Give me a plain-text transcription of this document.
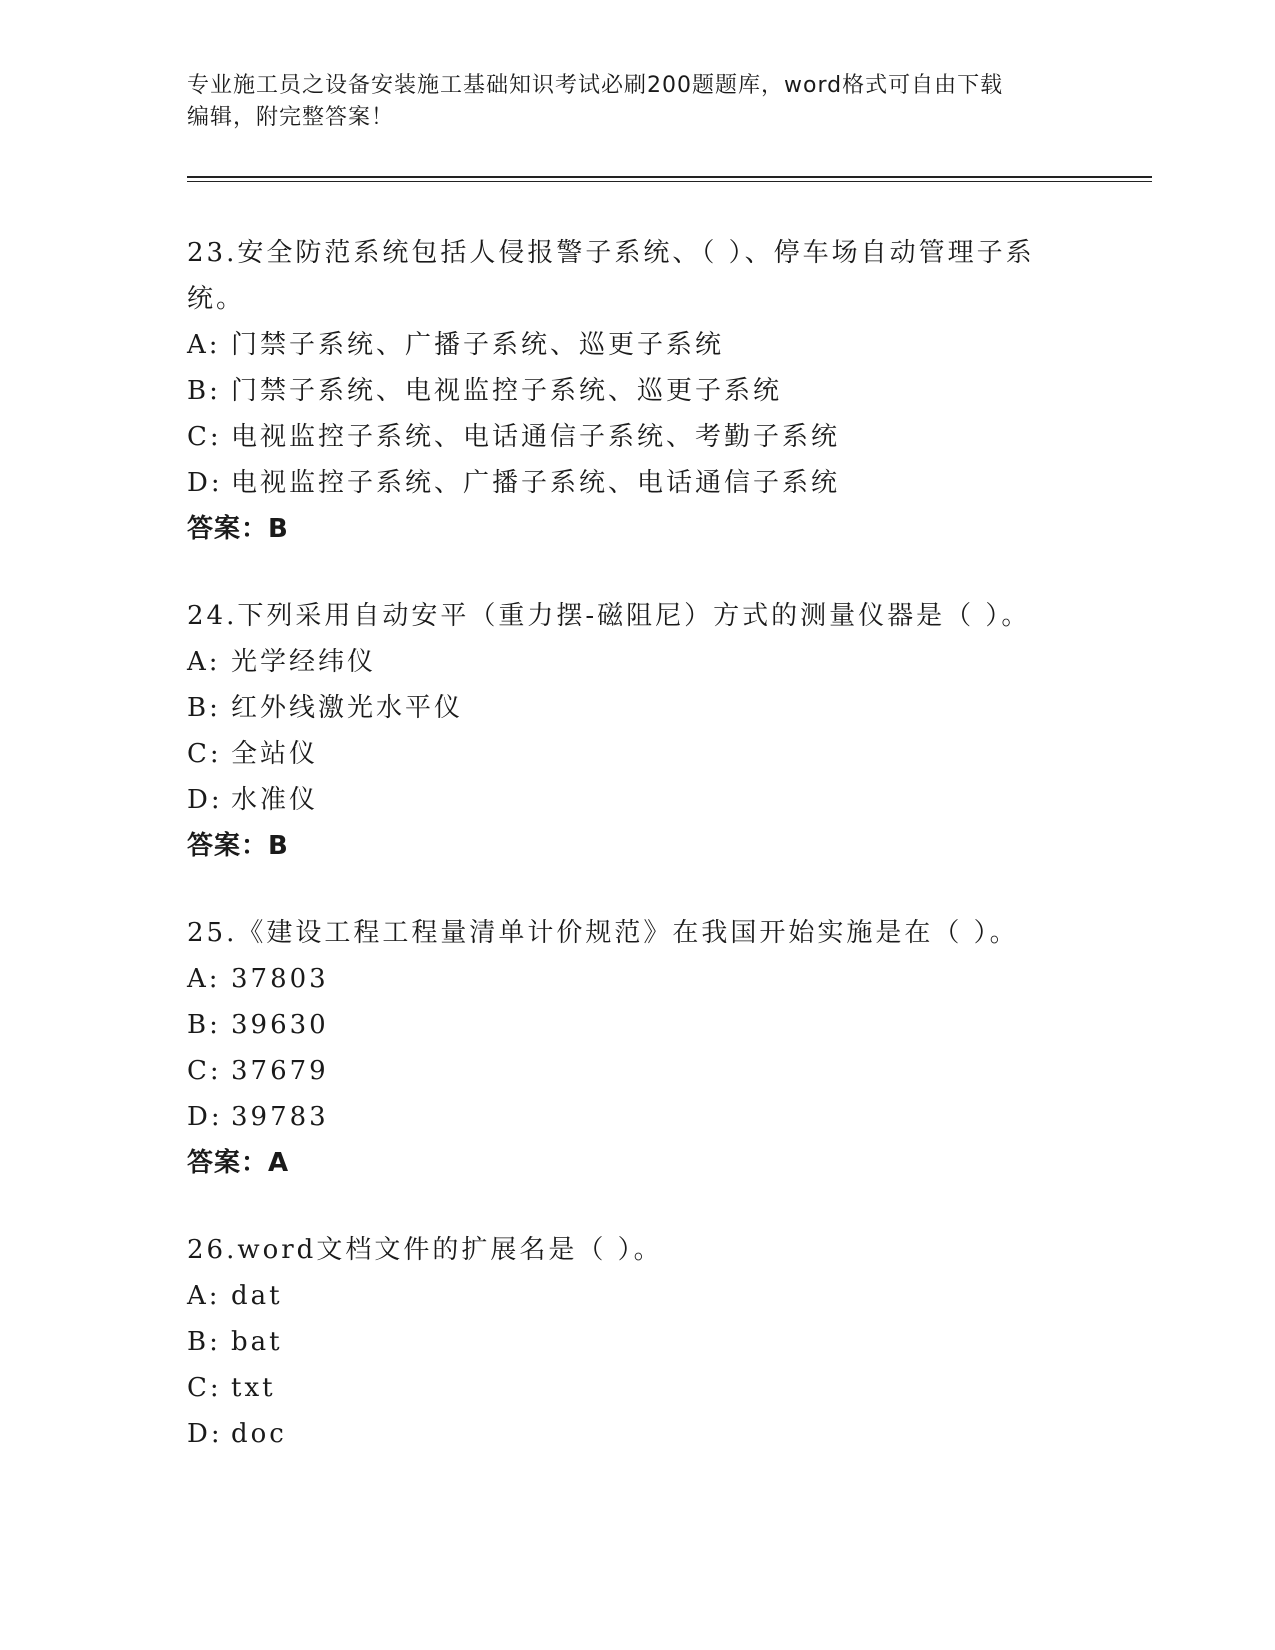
专业施工员之设备安装施工基础知识考试必刷200题题库，word格式可自由下载
编辑，附完整答案！
23.安全防范系统包括人侵报警子系统、（ ）、停车场自动管理子系
统。
A: 门禁子系统、广播子系统、巡更子系统
B: 门禁子系统、电视监控子系统、巡更子系统
C: 电视监控子系统、电话通信子系统、考勤子系统
D: 电视监控子系统、广播子系统、电话通信子系统
答案：B
24.下列采用自动安平（重力摆-磁阻尼）方式的测量仪器是（ ）。
A: 光学经纬仪
B: 红外线激光水平仪
C: 全站仪
D: 水准仪
答案：B
25.《建设工程工程量清单计价规范》在我国开始实施是在（ ）。
A: 37803
B: 39630
C: 37679
D: 39783
答案：A
26.word文档文件的扩展名是（ ）。
A: dat
B: bat
C: txt
D: doc
